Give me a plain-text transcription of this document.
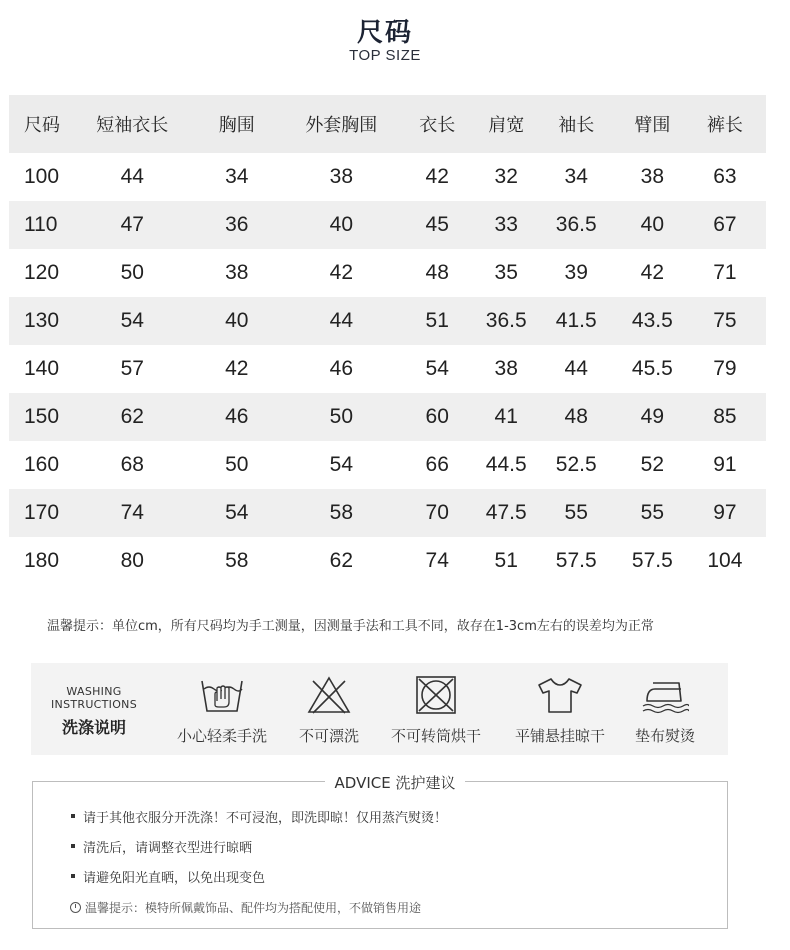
尺码
TOP SIZE
尺码	短袖衣长	胸围	外套胸围	衣长	肩宽	袖长	臂围	裤长
100	44	34	38	42	32	34	38	63
110	47	36	40	45	33	36.5	40	67
120	50	38	42	48	35	39	42	71
130	54	40	44	51	36.5	41.5	43.5	75
140	57	42	46	54	38	44	45.5	79
150	62	46	50	60	41	48	49	85
160	68	50	54	66	44.5	52.5	52	91
170	74	54	58	70	47.5	55	55	97
180	80	58	62	74	51	57.5	57.5	104
温馨提示：单位cm，所有尺码均为手工测量，因测量手法和工具不同，故存在1-3cm左右的误差均为正常
WASHING
INSTRUCTIONS
洗涤说明	小心轻柔手洗	不可漂洗	不可转筒烘干	平铺悬挂晾干	垫布熨烫
请于其他衣服分开洗涤！不可浸泡，即洗即晾！仅用蒸汽熨烫！
清洗后，请调整衣型进行晾晒
请避免阳光直晒，以免出现变色
温馨提示：模特所佩戴饰品、配件均为搭配使用，不做销售用途
ADVICE 洗护建议
